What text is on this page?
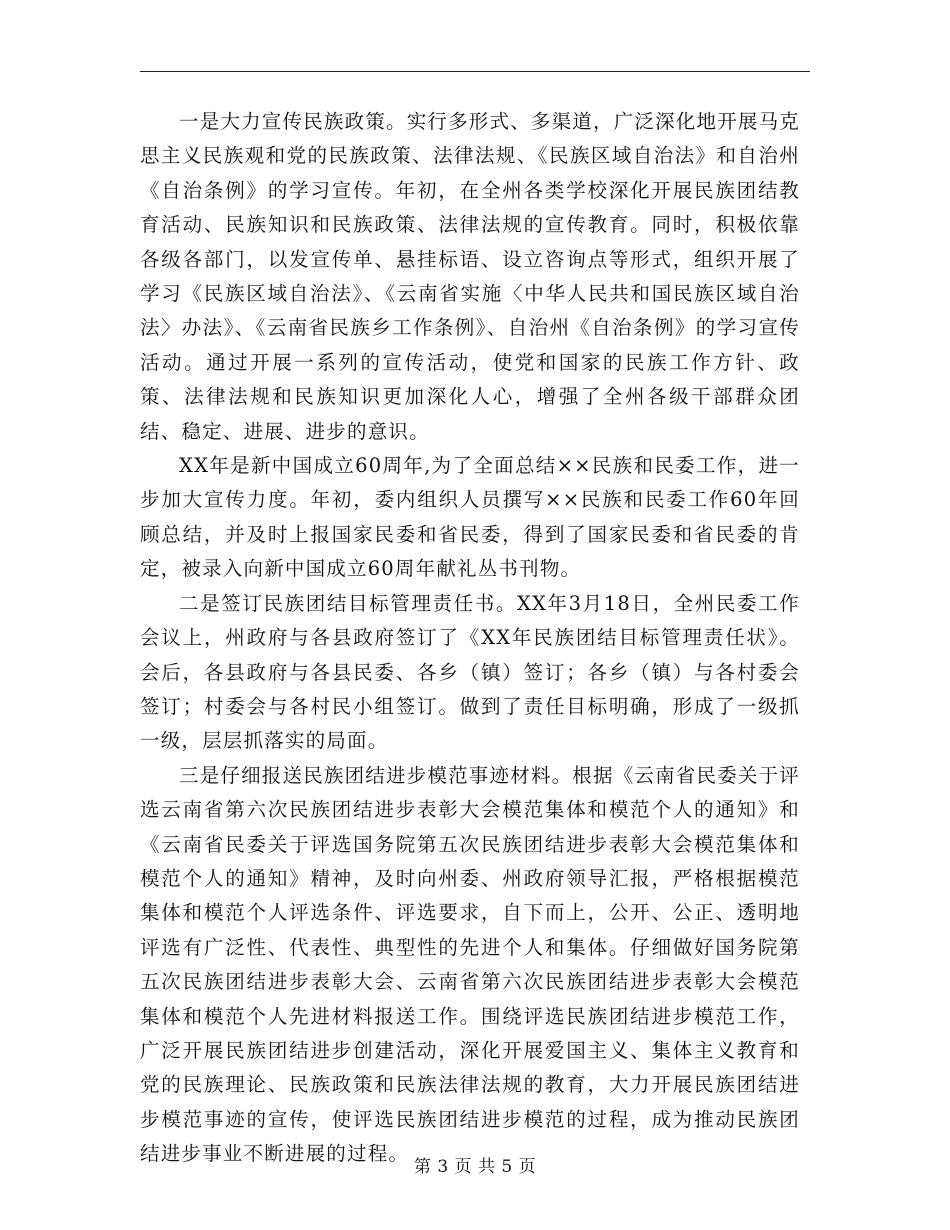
一是大力宣传民族政策。实行多形式、多渠道，广泛深化地开展马克思主义民族观和党的民族政策、法律法规、《民族区域自治法》和自治州《自治条例》的学习宣传。年初，在全州各类学校深化开展民族团结教育活动、民族知识和民族政策、法律法规的宣传教育。同时，积极依靠各级各部门，以发宣传单、悬挂标语、设立咨询点等形式，组织开展了学习《民族区域自治法》、《云南省实施〈中华人民共和国民族区域自治法〉办法》、《云南省民族乡工作条例》、自治州《自治条例》的学习宣传活动。通过开展一系列的宣传活动，使党和国家的民族工作方针、政策、法律法规和民族知识更加深化人心，增强了全州各级干部群众团结、稳定、进展、进步的意识。

XX年是新中国成立60周年,为了全面总结××民族和民委工作，进一步加大宣传力度。年初，委内组织人员撰写××民族和民委工作60年回顾总结，并及时上报国家民委和省民委，得到了国家民委和省民委的肯定，被录入向新中国成立60周年献礼丛书刊物。

二是签订民族团结目标管理责任书。XX年3月18日，全州民委工作会议上，州政府与各县政府签订了《XX年民族团结目标管理责任状》。会后，各县政府与各县民委、各乡（镇）签订；各乡（镇）与各村委会签订；村委会与各村民小组签订。做到了责任目标明确，形成了一级抓一级，层层抓落实的局面。

三是仔细报送民族团结进步模范事迹材料。根据《云南省民委关于评选云南省第六次民族团结进步表彰大会模范集体和模范个人的通知》和《云南省民委关于评选国务院第五次民族团结进步表彰大会模范集体和模范个人的通知》精神，及时向州委、州政府领导汇报，严格根据模范集体和模范个人评选条件、评选要求，自下而上，公开、公正、透明地评选有广泛性、代表性、典型性的先进个人和集体。仔细做好国务院第五次民族团结进步表彰大会、云南省第六次民族团结进步表彰大会模范集体和模范个人先进材料报送工作。围绕评选民族团结进步模范工作，广泛开展民族团结进步创建活动，深化开展爱国主义、集体主义教育和党的民族理论、民族政策和民族法律法规的教育，大力开展民族团结进步模范事迹的宣传，使评选民族团结进步模范的过程，成为推动民族团结进步事业不断进展的过程。

第 3 页 共 5 页
